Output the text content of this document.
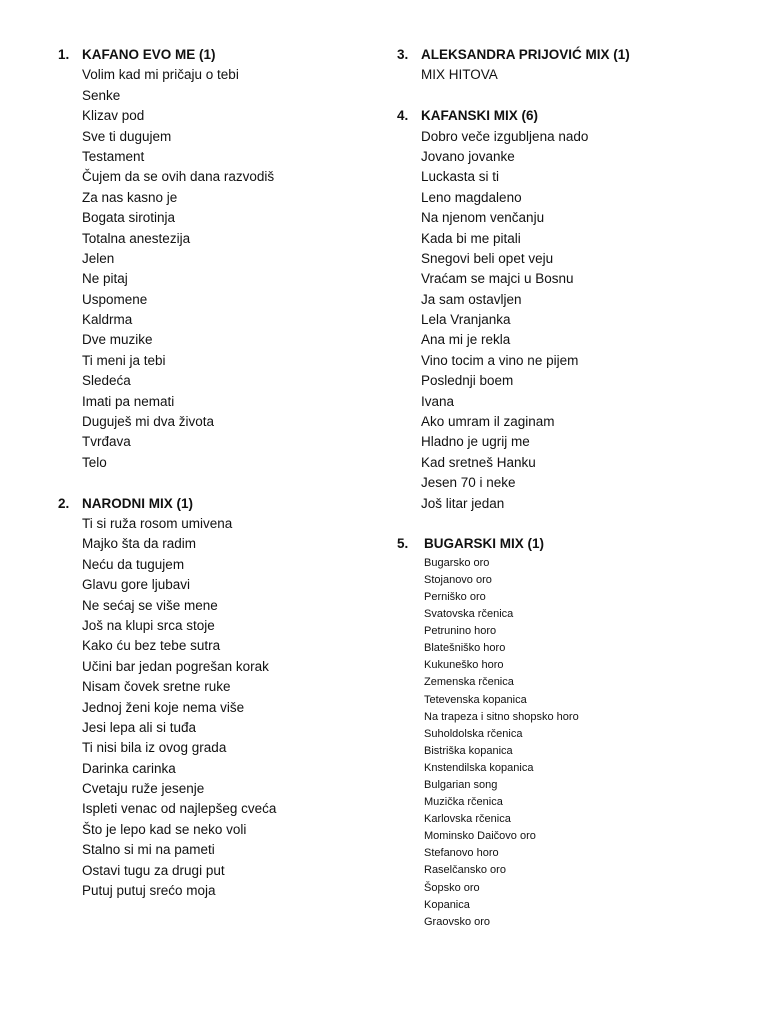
1. KAFANO EVO ME (1)
Volim kad mi pričaju o tebi
Senke
Klizav pod
Sve ti dugujem
Testament
Čujem da se ovih dana razvodiš
Za nas kasno je
Bogata sirotinja
Totalna anestezija
Jelen
Ne pitaj
Uspomene
Kaldrma
Dve muzike
Ti meni ja tebi
Sledeća
Imati pa nemati
Duguješ mi dva života
Tvrđava
Telo
2. NARODNI MIX (1)
Ti si ruža rosom umivena
Majko šta da radim
Neću da tugujem
Glavu gore ljubavi
Ne sećaj se više mene
Još na klupi srca stoje
Kako ću bez tebe sutra
Učini bar jedan pogrešan korak
Nisam čovek sretne ruke
Jednoj ženi koje nema više
Jesi lepa ali si tuđa
Ti nisi bila iz ovog grada
Darinka carinka
Cvetaju ruže jesenje
Ispleti venac od najlepšeg cveća
Što je lepo kad se neko voli
Stalno si mi na pameti
Ostavi tugu za drugi put
Putuj putuj srećo moja
3. ALEKSANDRA PRIJOVIĆ MIX (1)
MIX HITOVA
4. KAFANSKI MIX (6)
Dobro veče izgubljena nado
Jovano jovanke
Luckasta si ti
Leno magdaleno
Na njenom venčanju
Kada bi me pitali
Snegovi beli opet veju
Vraćam se majci u Bosnu
Ja sam ostavljen
Lela Vranjanka
Ana mi je rekla
Vino tocim a vino ne pijem
Poslednji boem
Ivana
Ako umram il zaginam
Hladno je ugrij me
Kad sretneš Hanku
Jesen 70 i neke
Još litar jedan
5.	BUGARSKI MIX (1)
Bugarsko oro
Stojanovo oro
Perniško oro
Svatovska rčenica
Petrunino horo
Blatešniško horo
Kukuneško horo
Zemenska rčenica
Tetevenska kopanica
Na trapeza i sitno shopsko horo
Suholdolska rčenica
Bistriška kopanica
Knstendilska kopanica
Bulgarian song
Muzička rčenica
Karlovska rčenica
Mominsko Daičovo oro
Stefanovo horo
Raselčansko oro
Šopsko oro
Kopanica
Graovsko oro
